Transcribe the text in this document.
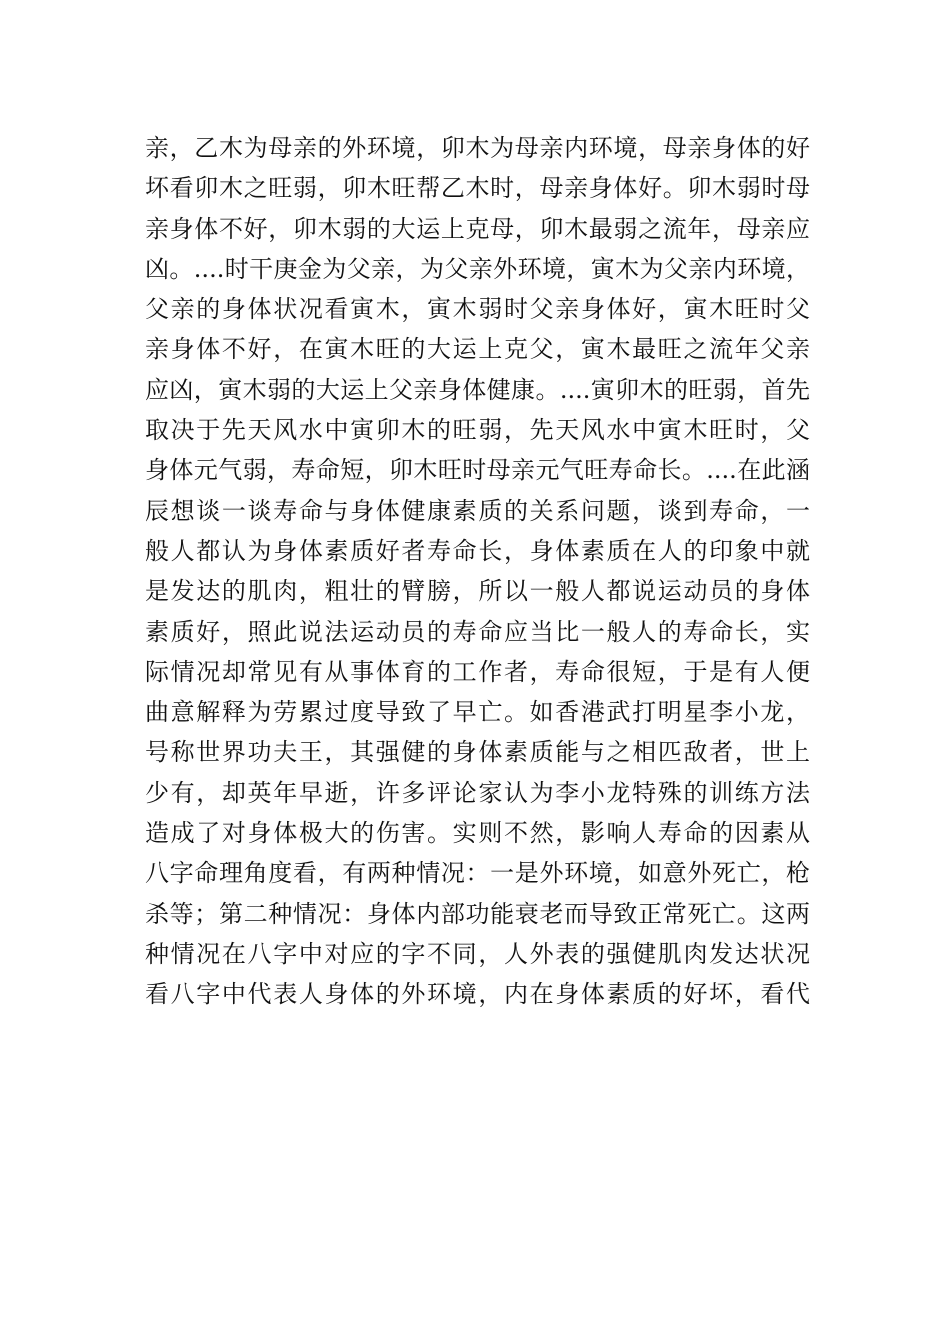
亲，乙木为母亲的外环境，卯木为母亲内环境，母亲身体的好
坏看卯木之旺弱，卯木旺帮乙木时，母亲身体好。卯木弱时母
亲身体不好，卯木弱的大运上克母，卯木最弱之流年，母亲应
凶。....时干庚金为父亲，为父亲外环境，寅木为父亲内环境，
父亲的身体状况看寅木，寅木弱时父亲身体好，寅木旺时父
亲身体不好，在寅木旺的大运上克父，寅木最旺之流年父亲
应凶，寅木弱的大运上父亲身体健康。....寅卯木的旺弱，首先
取决于先天风水中寅卯木的旺弱，先天风水中寅木旺时，父
身体元气弱，寿命短，卯木旺时母亲元气旺寿命长。....在此涵
辰想谈一谈寿命与身体健康素质的关系问题，谈到寿命，一
般人都认为身体素质好者寿命长，身体素质在人的印象中就
是发达的肌肉，粗壮的臂膀，所以一般人都说运动员的身体
素质好，照此说法运动员的寿命应当比一般人的寿命长，实
际情况却常见有从事体育的工作者，寿命很短，于是有人便
曲意解释为劳累过度导致了早亡。如香港武打明星李小龙，
号称世界功夫王，其强健的身体素质能与之相匹敌者，世上
少有，却英年早逝，许多评论家认为李小龙特殊的训练方法
造成了对身体极大的伤害。实则不然，影响人寿命的因素从
八字命理角度看，有两种情况：一是外环境，如意外死亡，枪
杀等；第二种情况：身体内部功能衰老而导致正常死亡。这两
种情况在八字中对应的字不同，人外表的强健肌肉发达状况
看八字中代表人身体的外环境，内在身体素质的好坏，看代
